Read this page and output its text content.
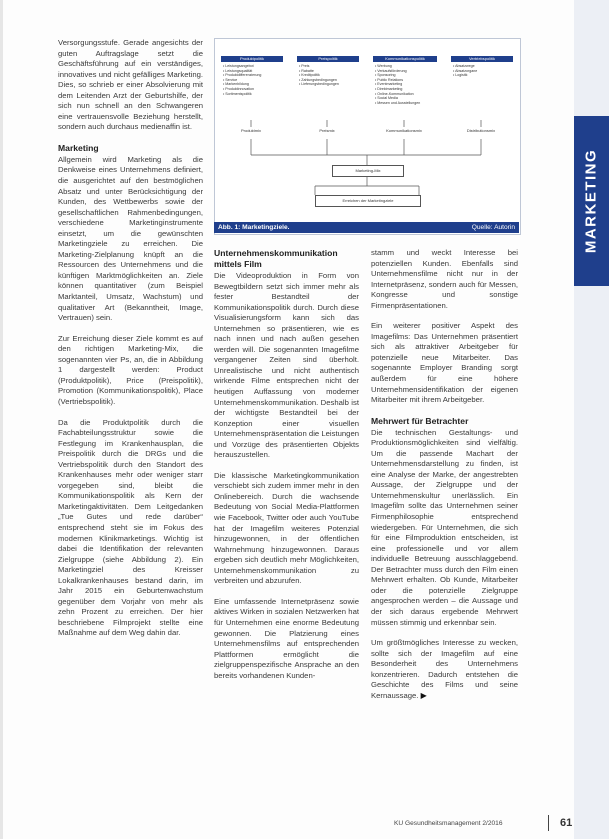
Versorgungsstufe. Gerade angesichts der guten Auftragslage setzt die Geschäftsführung auf ein verständiges, innovatives und nicht gefälliges Marketing. Dies, so schrieb er einer Absolvierung mit dem Leitenden Arzt der Geburtshilfe, der sich nun schnell an den Schwangeren eine vertrauensvolle Beziehung herstellt, sondern auch durchaus medienaffin ist.

Marketing

Allgemein wird Marketing als die Denkweise eines Unternehmens definiert, die ausgerichtet auf den bestmöglichen Absatz und unter Berücksichtigung der Kunden, des Wettbewerbs sowie der gesellschaftlichen Rahmenbedingungen, verschiedene Marketinginstrumente einsetzt, um die gewünschten Marketingziele zu erreichen. Die Marketing-Zielplanung knüpft an die Ressourcen des Unternehmens und die künftigen Marktmöglichkeiten an. Ziele können quantitativer (zum Beispiel Marktanteil, Umsatz, Wachstum) und qualitativer Art (Bekanntheit, Image, Vertrauen) sein.

Zur Erreichung dieser Ziele kommt es auf den richtigen Marketing-Mix, die sogenannten vier Ps, an, die in Abbildung 1 dargestellt werden: Product (Produktpolitik), Price (Preispolitik), Promotion (Kommunikationspolitik), Place (Vertriebspolitik).

Da die Produktpolitik durch die Fachabteilungsstruktur sowie die Festlegung im Krankenhausplan, die Preispolitik durch die DRGs und die Vertriebspolitik durch den Standort des Krankenhauses mehr oder weniger starr vorgegeben sind, bleibt die Kommunikationspolitik als Kern der Marketingaktivitäten. Dem Leitgedanken „Tue Gutes und rede darüber“ entsprechend steht sie im Fokus des modernen Klinikmarketings. Wichtig ist dabei die Identifikation der relevanten Zielgruppe (siehe Abbildung 2). Ein Marketingziel des Kreisser Lokalkrankenhauses bestand darin, im Jahr 2015 ein Geburtenwachstum gegenüber dem Vorjahr von mehr als zehn Prozent zu erreichen. Der hier beschriebene Filmprojekt stellte eine Maßnahme auf dem Weg dahin dar.

Produktpolitik	Preispolitik	Kommunikationspolitik	Vertriebspolitik
• Leistungsangebot
• Leistungsqualität
• Produktdifferenzierung
• Service
• Markenbildung
• Produktinnovation
• Sortimentspolitik
• Preis
• Rabatte
• Kreditpolitik
• Zahlungsbedingungen
• Lieferungsbedingungen
• Werbung
• Verkaufsförderung
• Sponsoring
• Public Relations
• Eventmarketing
• Direktmarketing
• Online-Kommunikation
• Social Media
• Messen und Ausstellungen
• Absatzwege
• Absatzorgane
• Logistik
Produktmix	Preismix	Kommunikationsmix	Distributionsmix
Marketing-Mix
Erreichen der Marketingziele
Abb. 1: Marketingziele.	Quelle: Autorin
Unternehmenskommunikation mittels Film

Die Videoproduktion in Form von Bewegtbildern setzt sich immer mehr als fester Bestandteil der Kommunikationspolitik durch. Durch diese Visualisierungsform kann sich das Unternehmen so präsentieren, wie es nach innen und nach außen gesehen werden will. Die sogenannten Imagefilme vergangener Zeiten sind überholt. Unrealistische und nicht authentisch wirkende Filme entsprechen nicht der heutigen Auffassung von moderner Unternehmenskommunikation. Deshalb ist der wichtigste Bestandteil bei der Konzeption einer visuellen Unternehmenspräsentation die Leistungen und Vorzüge des präsentierten Objekts herauszustellen.

Die klassische Marketingkommunikation verschiebt sich zudem immer mehr in den Onlinebereich. Durch die wachsende Bedeutung von Social Media-Plattformen wie Facebook, Twitter oder auch YouTube hat der Imagefilm weiteres Potenzial hinzugewonnen, in der öffentlichen Wahrnehmung hinzugewonnen. Daraus ergeben sich deutlich mehr Möglichkeiten, Unternehmenskommunikation zu verbreiten und abzurufen.

Eine umfassende Internetpräsenz sowie aktives Wirken in sozialen Netzwerken hat für Unternehmen eine enorme Bedeutung gewonnen. Die Platzierung eines Unternehmensfilms auf entsprechenden Plattformen ermöglicht die zielgruppenspezifische Ansprache an den bereits vorhandenen Kunden-

stamm und weckt Interesse bei potenziellen Kunden. Ebenfalls sind Unternehmensfilme nicht nur in der Internetpräsenz, sondern auch für Messen, Kongresse und sonstige Firmenpräsentationen.

Ein weiterer positiver Aspekt des Imagefilms: Das Unternehmen präsentiert sich als attraktiver Arbeitgeber für potenzielle neue Mitarbeiter. Das sogenannte Employer Branding sorgt außerdem für eine höhere Unternehmensidentifikation der eigenen Mitarbeiter mit ihrem Arbeitgeber.

Mehrwert für Betrachter

Die technischen Gestaltungs- und Produktionsmöglichkeiten sind vielfältig. Um die passende Machart der Unternehmensdarstellung zu finden, ist eine Analyse der Marke, der angestrebten Aussage, der Zielgruppe und der Unternehmenskultur unerlässlich. Ein Imagefilm sollte das Unternehmen seiner Firmenphilosophie entsprechend wiedergeben. Für Unternehmen, die sich für eine Filmproduktion entscheiden, ist eine professionelle und vor allem individuelle Betreuung ausschlaggebend. Der Betrachter muss durch den Film einen Mehrwert erhalten. Ob Kunde, Mitarbeiter oder die potenzielle Zielgruppe angesprochen werden – die Aussage und der sich daraus ergebende Mehrwert müssen stimmig und erkennbar sein.

Um größtmögliches Interesse zu wecken, sollte sich der Imagefilm auf eine Besonderheit des Unternehmens konzentrieren. Dadurch entstehen die Geschichte des Films und seine Kernaussage. ▶

MARKETING
KU Gesundheitsmanagement 2/2016	61
